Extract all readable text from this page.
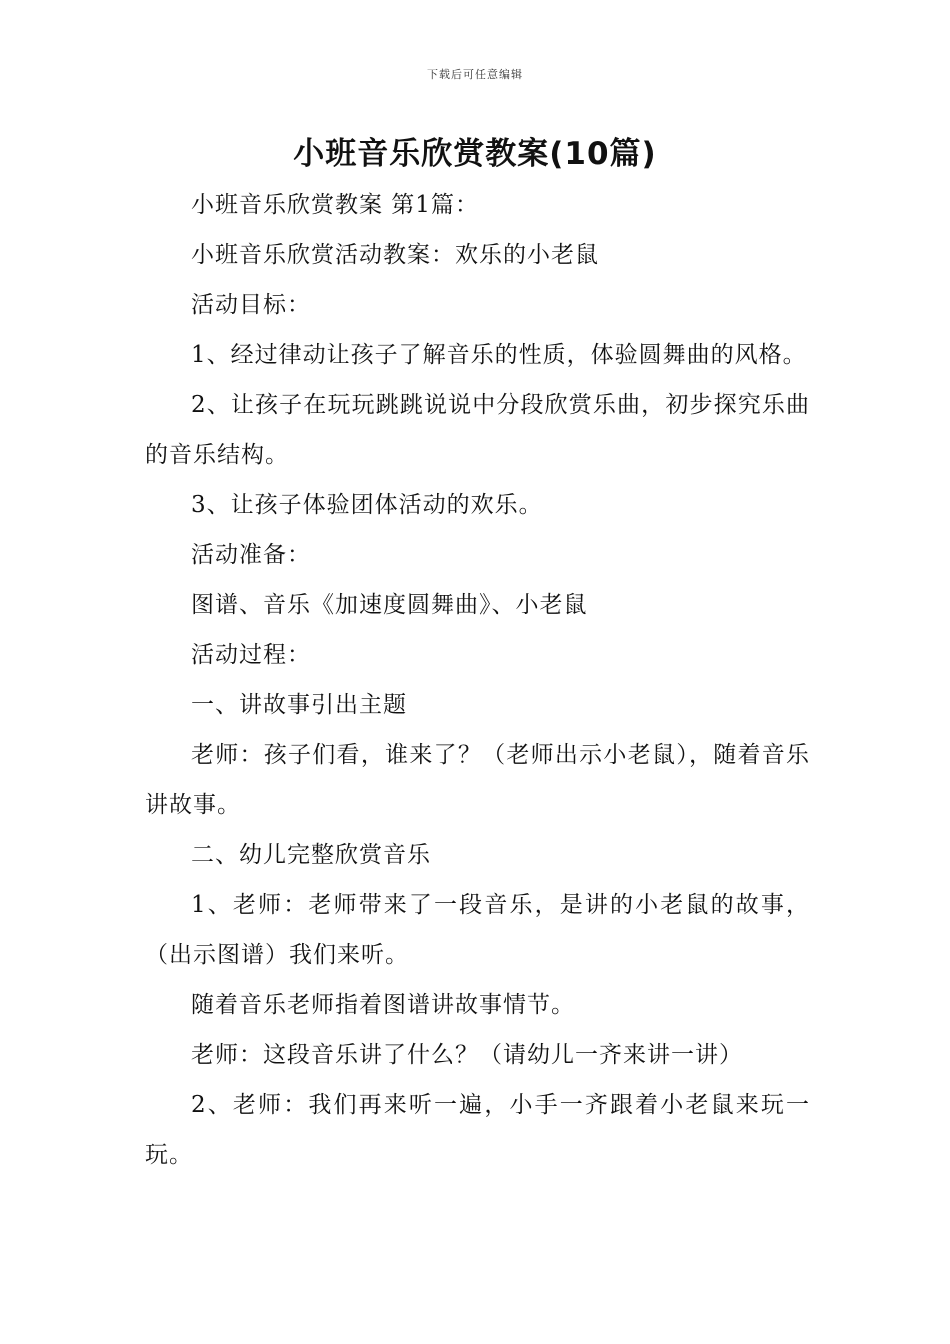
下载后可任意编辑
小班音乐欣赏教案(10篇)

小班音乐欣赏教案 第1篇：

小班音乐欣赏活动教案：欢乐的小老鼠

活动目标：

1、经过律动让孩子了解音乐的性质，体验圆舞曲的风格。

2、让孩子在玩玩跳跳说说中分段欣赏乐曲，初步探究乐曲的音乐结构。

3、让孩子体验团体活动的欢乐。

活动准备：

图谱、音乐《加速度圆舞曲》、小老鼠

活动过程：

一、讲故事引出主题

老师：孩子们看，谁来了？（老师出示小老鼠），随着音乐讲故事。

二、幼儿完整欣赏音乐

1、老师：老师带来了一段音乐，是讲的小老鼠的故事，（出示图谱）我们来听。

随着音乐老师指着图谱讲故事情节。

老师：这段音乐讲了什么？（请幼儿一齐来讲一讲）

2、老师：我们再来听一遍，小手一齐跟着小老鼠来玩一玩。
